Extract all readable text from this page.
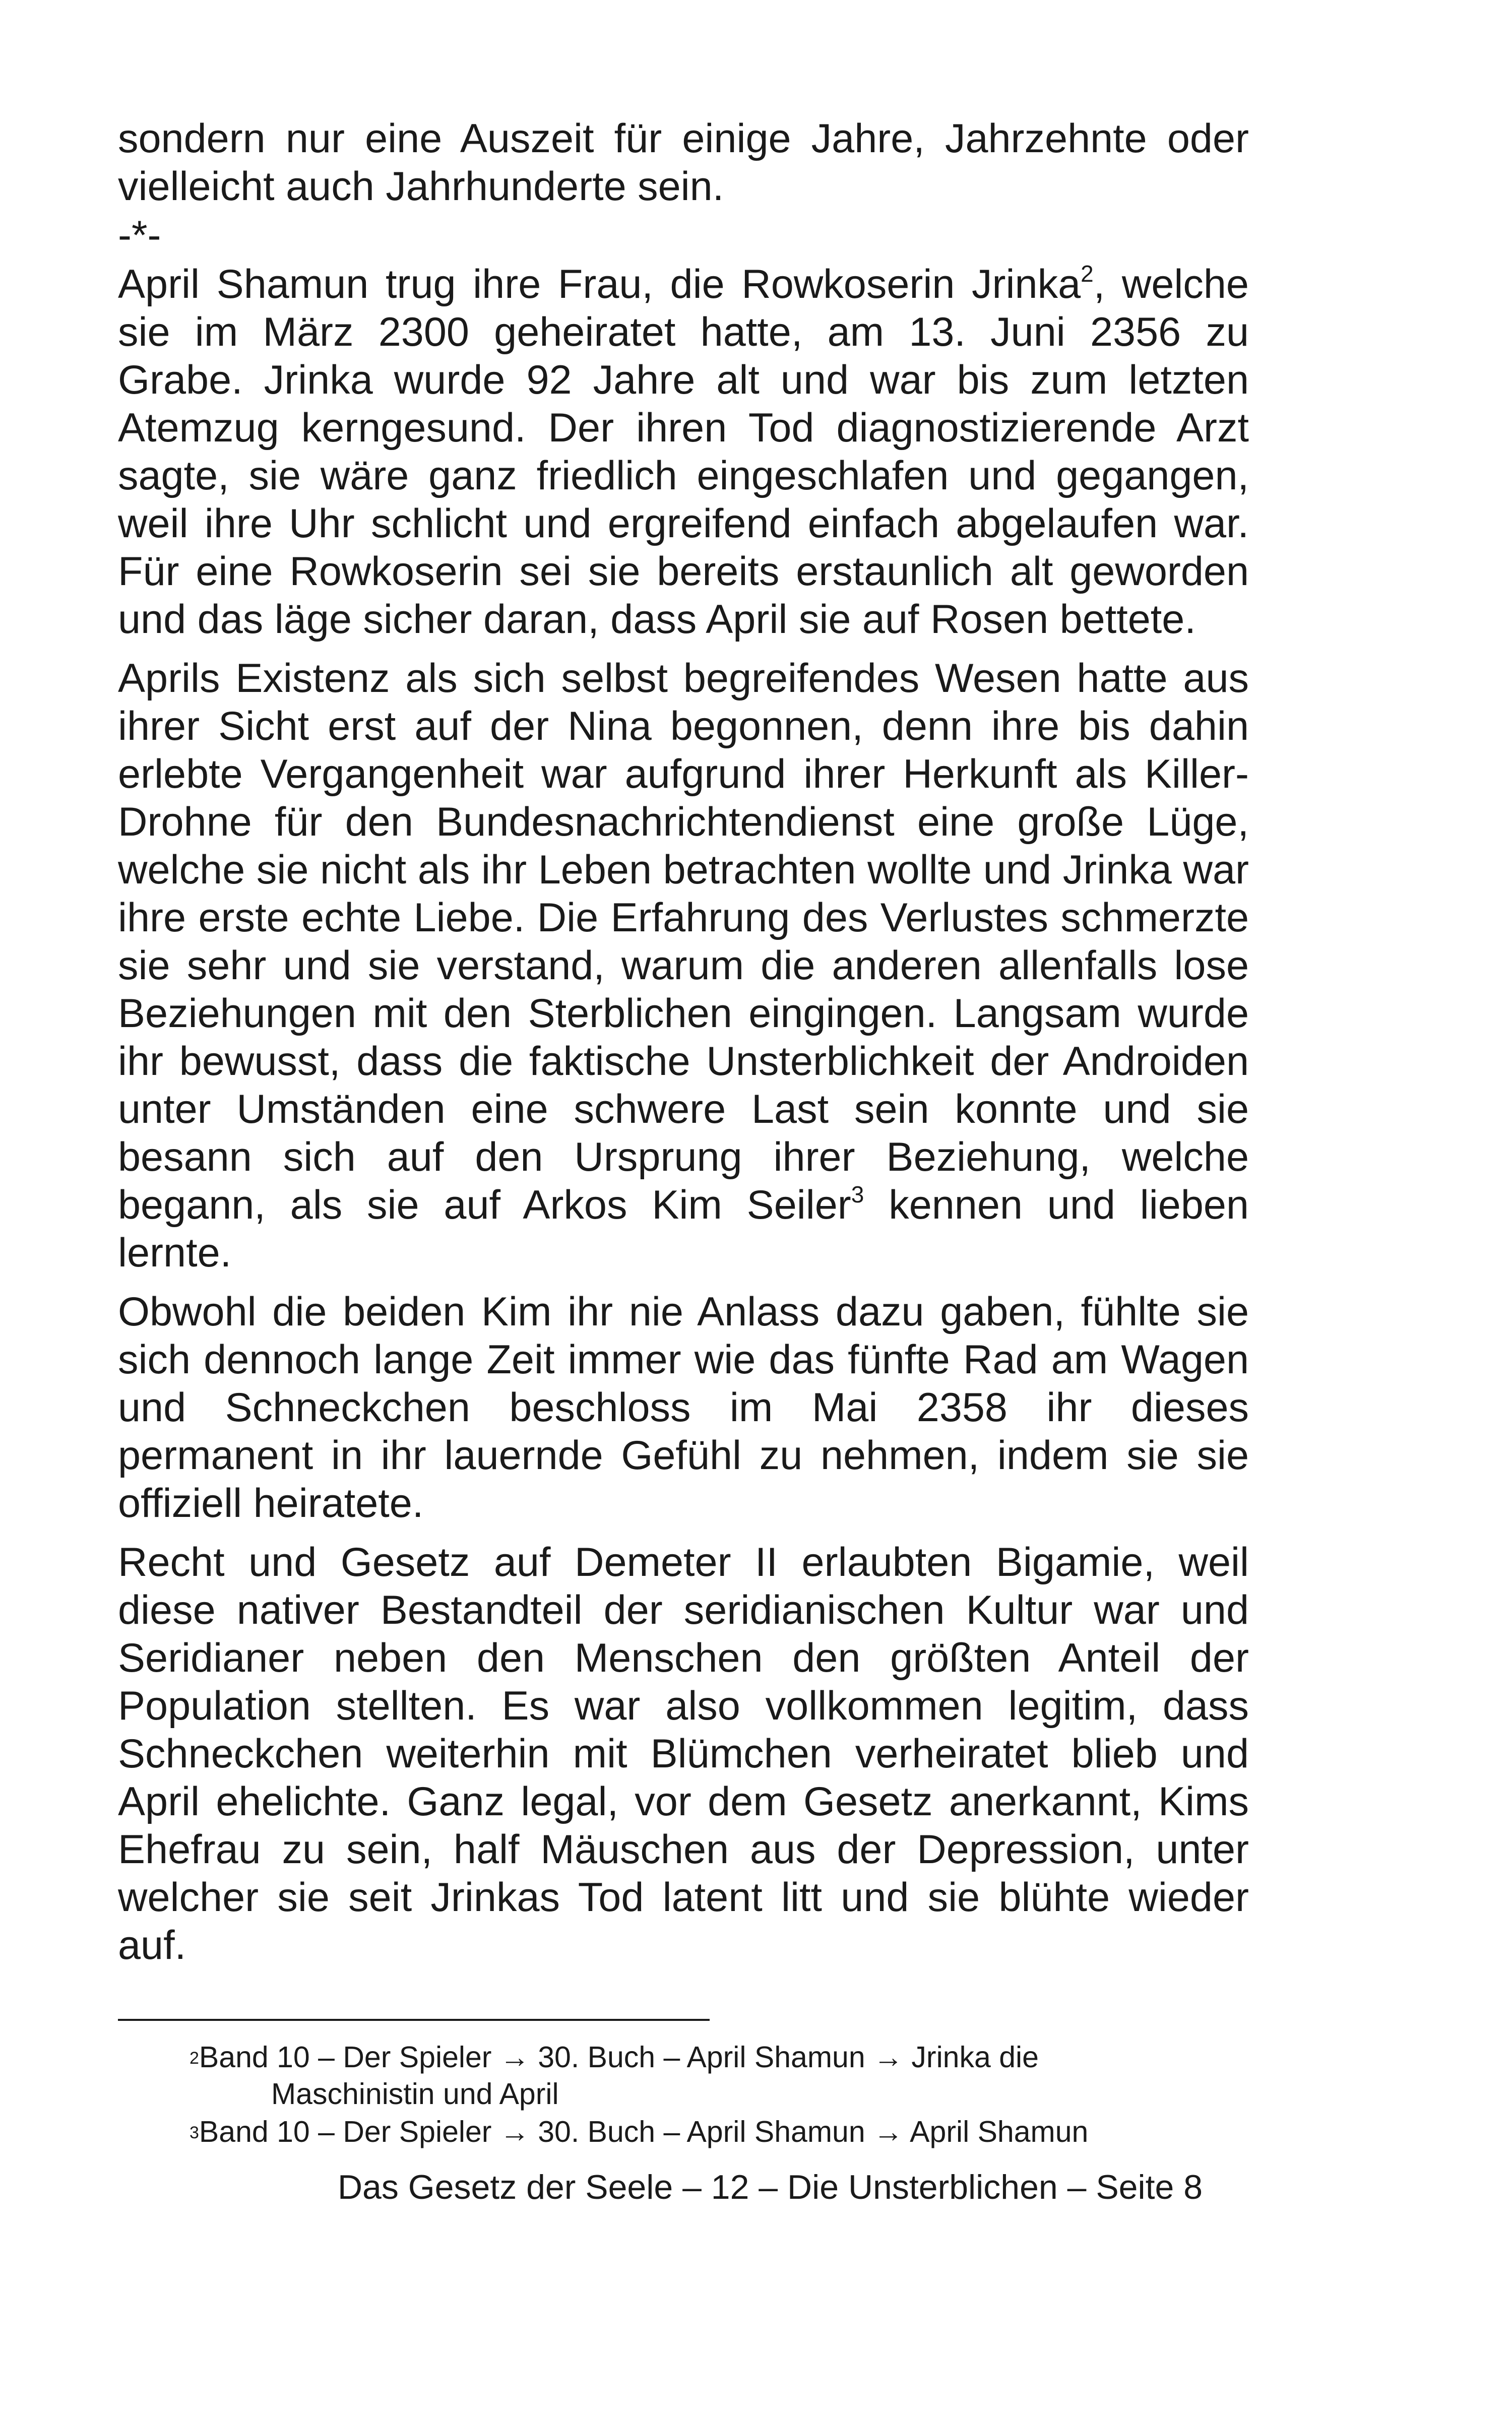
sondern nur eine Auszeit für einige Jahre, Jahrzehnte oder vielleicht auch Jahrhunderte sein.

-*-

April Shamun trug ihre Frau, die Rowkoserin Jrinka$^2$, welche sie im März 2300 geheiratet hatte, am 13. Juni 2356 zu Grabe. Jrinka wurde 92 Jahre alt und war bis zum letzten Atemzug kerngesund. Der ihren Tod diagnostizierende Arzt sagte, sie wäre ganz friedlich eingeschlafen und gegangen, weil ihre Uhr schlicht und ergreifend einfach abgelaufen war. Für eine Rowkoserin sei sie bereits erstaunlich alt geworden und das läge sicher daran, dass April sie auf Rosen bettete.

Aprils Existenz als sich selbst begreifendes Wesen hatte aus ihrer Sicht erst auf der Nina begonnen, denn ihre bis dahin erlebte Vergangenheit war aufgrund ihrer Herkunft als Killer-Drohne für den Bundesnachrichtendienst eine große Lüge, welche sie nicht als ihr Leben betrachten wollte und Jrinka war ihre erste echte Liebe. Die Erfahrung des Verlustes schmerzte sie sehr und sie verstand, warum die anderen allenfalls lose Beziehungen mit den Sterblichen eingingen. Langsam wurde ihr bewusst, dass die faktische Unsterblichkeit der Androiden unter Umständen eine schwere Last sein konnte und sie besann sich auf den Ursprung ihrer Beziehung, welche begann, als sie auf Arkos Kim Seiler$^3$ kennen und lieben lernte.

Obwohl die beiden Kim ihr nie Anlass dazu gaben, fühlte sie sich dennoch lange Zeit immer wie das fünfte Rad am Wagen und Schneckchen beschloss im Mai 2358 ihr dieses permanent in ihr lauernde Gefühl zu nehmen, indem sie sie offiziell heiratete.

Recht und Gesetz auf Demeter II erlaubten Bigamie, weil diese nativer Bestandteil der seridianischen Kultur war und Seridianer neben den Menschen den größten Anteil der Population stellten. Es war also vollkommen legitim, dass Schneckchen weiterhin mit Blümchen verheiratet blieb und April ehelichte. Ganz legal, vor dem Gesetz anerkannt, Kims Ehefrau zu sein, half Mäuschen aus der Depression, unter welcher sie seit Jrinkas Tod latent litt und sie blühte wieder auf.

$^2$Band 10 – Der Spieler → 30. Buch – April Shamun → Jrinka die
Maschinistin und April
$^3$Band 10 – Der Spieler → 30. Buch – April Shamun → April Shamun
Das Gesetz der Seele – 12 – Die Unsterblichen – Seite 8
